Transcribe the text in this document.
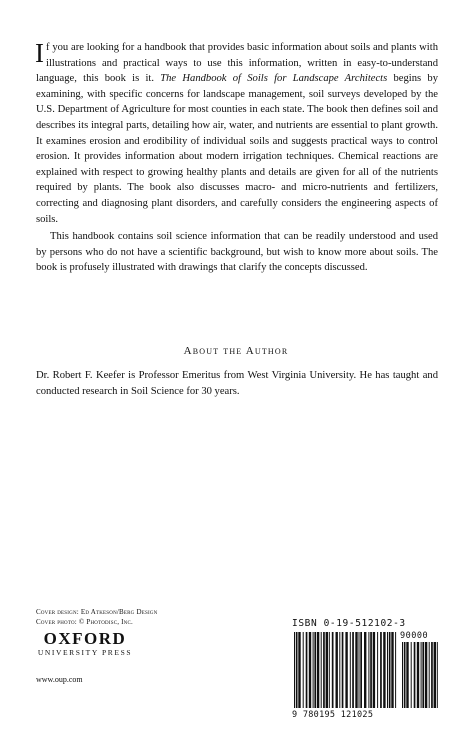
If you are looking for a handbook that provides basic information about soils and plants with illustrations and practical ways to use this information, written in easy-to-understand language, this book is it. The Handbook of Soils for Landscape Architects begins by examining, with specific concerns for landscape management, soil surveys developed by the U.S. Department of Agriculture for most counties in each state. The book then defines soil and describes its integral parts, detailing how air, water, and nutrients are essential to plant growth. It examines erosion and erodibility of individual soils and suggests practical ways to control erosion. It provides information about modern irrigation techniques. Chemical reactions are explained with respect to growing healthy plants and details are given for all of the nutrients required by plants. The book also discusses macro- and micro-nutrients and fertilizers, correcting and diagnosing plant disorders, and carefully considers the engineering aspects of soils.

This handbook contains soil science information that can be readily understood and used by persons who do not have a scientific background, but wish to know more about soils. The book is profusely illustrated with drawings that clarify the concepts discussed.

About the Author

Dr. Robert F. Keefer is Professor Emeritus from West Virginia University. He has taught and conducted research in Soil Science for 30 years.

Cover design: Ed Atkeson/Berg Design
Cover photo: © Photodisc, Inc.
OXFORD
UNIVERSITY PRESS
www.oup.com
ISBN 0-19-512102-3
90000
9 780195 121025
